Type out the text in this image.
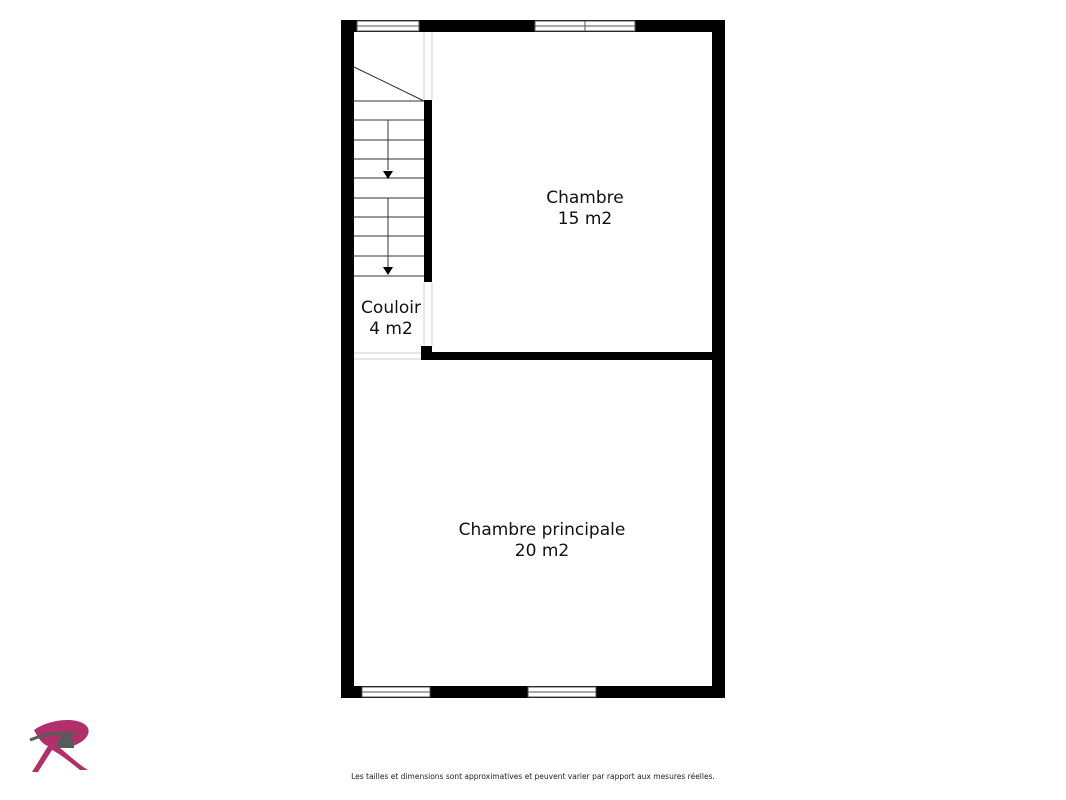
Chambre
15 m2
Couloir
4 m2
Chambre principale
20 m2
Les tailles et dimensions sont approximatives et peuvent varier par rapport aux mesures réelles.
